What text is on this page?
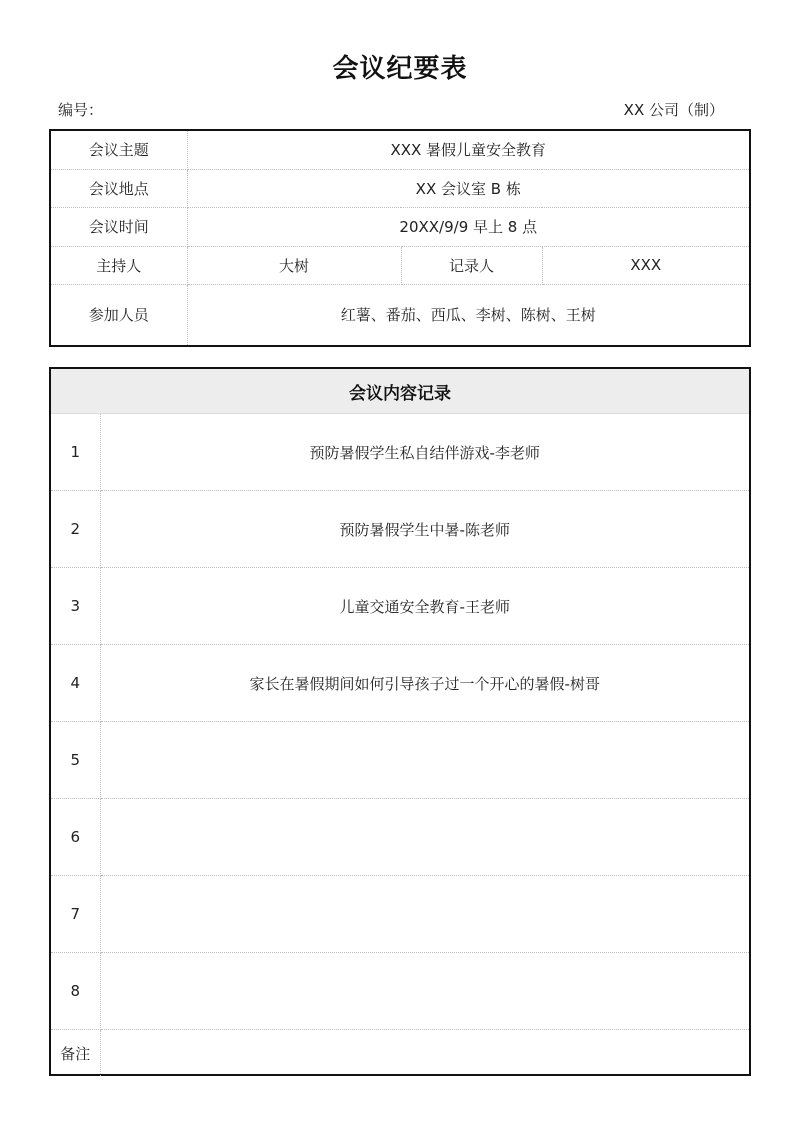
会议纪要表
编号：	XX 公司（制）
会议主题	XXX 暑假儿童安全教育		
会议地点	XX 会议室 B 栋		
会议时间	20XX/9/9 早上 8 点		
主持人	大树	记录人	XXX
参加人员	红薯、番茄、西瓜、李树、陈树、王树		
会议内容记录	
1	预防暑假学生私自结伴游戏-李老师
2	预防暑假学生中暑-陈老师
3	儿童交通安全教育-王老师
4	家长在暑假期间如何引导孩子过一个开心的暑假-树哥
5	
6	
7	
8	
备注	
